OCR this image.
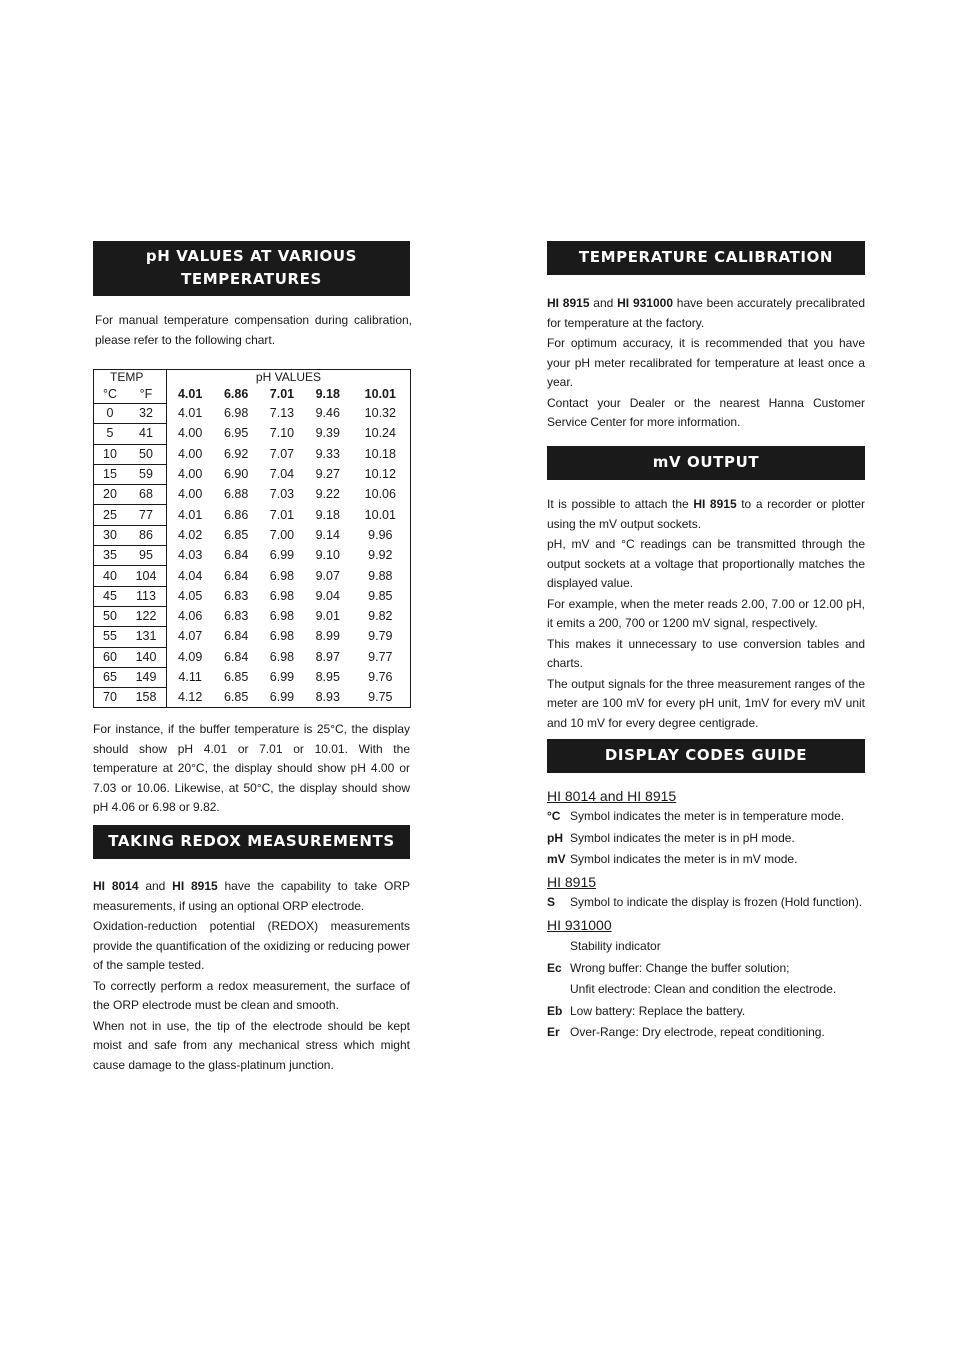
pH VALUES AT VARIOUS
TEMPERATURES

For manual temperature compensation during calibration, please refer to the following chart.

TEMP		pH VALUES				
°C	°F	4.01	6.86	7.01	9.18	10.01
0	32	4.01	6.98	7.13	9.46	10.32
5	41	4.00	6.95	7.10	9.39	10.24
10	50	4.00	6.92	7.07	9.33	10.18
15	59	4.00	6.90	7.04	9.27	10.12
20	68	4.00	6.88	7.03	9.22	10.06
25	77	4.01	6.86	7.01	9.18	10.01
30	86	4.02	6.85	7.00	9.14	9.96
35	95	4.03	6.84	6.99	9.10	9.92
40	104	4.04	6.84	6.98	9.07	9.88
45	113	4.05	6.83	6.98	9.04	9.85
50	122	4.06	6.83	6.98	9.01	9.82
55	131	4.07	6.84	6.98	8.99	9.79
60	140	4.09	6.84	6.98	8.97	9.77
65	149	4.11	6.85	6.99	8.95	9.76
70	158	4.12	6.85	6.99	8.93	9.75

For instance, if the buffer temperature is 25°C, the display should show pH 4.01 or 7.01 or 10.01. With the temperature at 20°C, the display should show pH 4.00 or 7.03 or 10.06. Likewise, at 50°C, the display should show pH 4.06 or 6.98 or 9.82.

TAKING REDOX MEASUREMENTS

HI 8014 and HI 8915 have the capability to take ORP measurements, if using an optional ORP electrode.

Oxidation-reduction potential (REDOX) measurements provide the quantification of the oxidizing or reducing power of the sample tested.

To correctly perform a redox measurement, the surface of the ORP electrode must be clean and smooth.

When not in use, the tip of the electrode should be kept moist and safe from any mechanical stress which might cause damage to the glass-platinum junction.

TEMPERATURE CALIBRATION

HI 8915 and HI 931000 have been accurately precalibrated for temperature at the factory.

For optimum accuracy, it is recommended that you have your pH meter recalibrated for temperature at least once a year.

Contact your Dealer or the nearest Hanna Customer Service Center for more information.

mV OUTPUT

It is possible to attach the HI 8915 to a recorder or plotter using the mV output sockets.

pH, mV and °C readings can be transmitted through the output sockets at a voltage that proportionally matches the displayed value.

For example, when the meter reads 2.00, 7.00 or 12.00 pH, it emits a 200, 700 or 1200 mV signal, respectively.

This makes it unnecessary to use conversion tables and charts.

The output signals for the three measurement ranges of the meter are 100 mV for every pH unit, 1mV for every mV unit and 10 mV for every degree centigrade.

DISPLAY CODES GUIDE

HI 8014 and HI 8915

°C Symbol indicates the meter is in temperature mode.
pH Symbol indicates the meter is in pH mode.
mV Symbol indicates the meter is in mV mode.

HI 8915

S	Symbol to indicate the display is frozen (Hold function).

HI 931000

Stability indicator
Ec Wrong buffer: Change the buffer solution;
Unfit electrode: Clean and condition the electrode.
Eb Low battery: Replace the battery.
Er Over-Range: Dry electrode, repeat conditioning.
